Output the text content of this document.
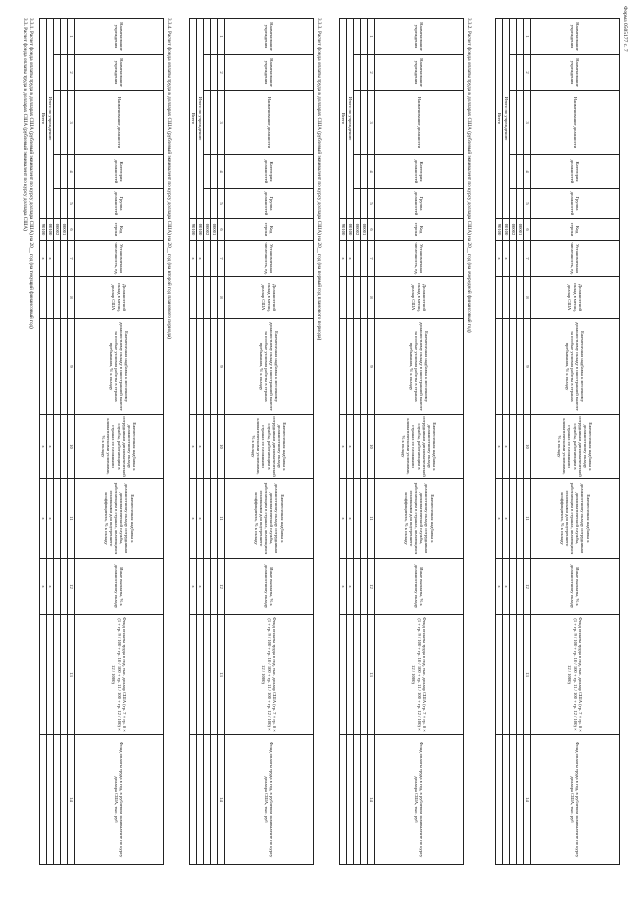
Форма 0505177 с. 7
3.3. Расчет фонда оплаты труда в долларах США (рублевый эквивалент по курсу доллара США) 3.3.1. Расчет фонда оплаты труда в долларах США (рублевый эквивалент по курсу доллара США) на 20__ год (на текущий финансовый год)	Наименование учреждения	Наименование учреждения	Наименование должности	Категория должностей	Группа должностей	Код строки	Установленная численность, ед.	Должностной оклад в месяц, доллар США	Ежемесячная надбавка к месячному должностному окладу в иностранной валюте за особые условия работы в странах пребывания, % к окладу	Ежемесячная надбавка к должностному окладу сотрудникам дипломатической службы, работающим в странах со сложными климатическими условиями, % к окладу	Ежемесячная надбавка к должностному окладу сотрудникам дипломатической службы, работающим в странах, являющихся основными для внутреннего коэффициента, % к окладу	Иные выплаты, % к должностному окладу	Фонд оплаты труда в год, тыс. доллар США (гр. 7 × гр. 8 × (1 + гр. 9 / 100 + гр. 10 / 100 + гр. 11 / 100 + гр. 12 / 100) × 12 / 1000)	Фонд оплаты труда в год, в рублевом эквиваленте по курсу доллара США, тыс. руб
1	2	3	4	5	6	7	8	9	10	11	12	13	14
					00001								
					00002								
Итого по учреждению					00100	x			x	x	x		
Всего					90100	x			x	x	x		
3.3.2. Расчет фонда оплаты труда в долларах США (рублевый эквивалент по курсу доллара США) на 20__ год (на очередной финансовый год)
Наименование учреждения	Наименование учреждения	Наименование должности	Категория должностей	Группа должностей	Код строки	Установленная численность, ед.	Должностной оклад в месяц, доллар США	Ежемесячная надбавка к месячному должностному окладу в иностранной валюте за особые условия работы в странах пребывания, % к окладу	Ежемесячная надбавка к должностному окладу сотрудникам дипломатической службы, работающим в странах со сложными климатическими условиями, % к окладу	Ежемесячная надбавка к должностному окладу сотрудникам дипломатической службы, работающим в странах, являющихся основными для внутреннего коэффициента, % к окладу	Иные выплаты, % к должностному окладу	Фонд оплаты труда в год, тыс. доллар США (гр. 7 × гр. 8 × (1 + гр. 9 / 100 + гр. 10 / 100 + гр. 11 / 100 + гр. 12 / 100) × 12 / 1000)	Фонд оплаты труда в год, в рублевом эквиваленте по курсу доллара США, тыс. руб
1	2	3	4	5	6	7	8	9	10	11	12	13	14
					00001								
					00002								
Итого по учреждению					00100	x			x	x	x		
Всего					90100	x			x	x	x		
3.3.3. Расчет фонда оплаты труда в долларах США (рублевый эквивалент по курсу доллара США) на 20__ год (на первый год планового периода)
Наименование учреждения	Наименование учреждения	Наименование должности	Категория должностей	Группа должностей	Код строки	Установленная численность, ед.	Должностной оклад в месяц, доллар США	Ежемесячная надбавка к месячному должностному окладу в иностранной валюте за особые условия работы в странах пребывания, % к окладу	Ежемесячная надбавка к должностному окладу сотрудникам дипломатической службы, работающим в странах со сложными климатическими условиями, % к окладу	Ежемесячная надбавка к должностному окладу сотрудникам дипломатической службы, работающим в странах, являющихся основными для внутреннего коэффициента, % к окладу	Иные выплаты, % к должностному окладу	Фонд оплаты труда в год, тыс. доллар США (гр. 7 × гр. 8 × (1 + гр. 9 / 100 + гр. 10 / 100 + гр. 11 / 100 + гр. 12 / 100) × 12 / 1000)	Фонд оплаты труда в год, в рублевом эквиваленте по курсу доллара США, тыс. руб
1	2	3	4	5	6	7	8	9	10	11	12	13	14
					00001								
					00002								
Итого по учреждению					00100	x			x	x	x		
Всего					90100	x			x	x	x		
3.3.4. Расчет фонда оплаты труда в долларах США (рублевый эквивалент по курсу доллара США) на 20__ год (на второй год планового периода)
Наименование учреждения	Наименование учреждения	Наименование должности	Категория должностей	Группа должностей	Код строки	Установленная численность, ед.	Должностной оклад в месяц, доллар США	Ежемесячная надбавка к месячному должностному окладу в иностранной валюте за особые условия работы в странах пребывания, % к окладу	Ежемесячная надбавка к должностному окладу сотрудникам дипломатической службы, работающим в странах со сложными климатическими условиями, % к окладу	Ежемесячная надбавка к должностному окладу сотрудникам дипломатической службы, работающим в странах, являющихся основными для внутреннего коэффициента, % к окладу	Иные выплаты, % к должностному окладу	Фонд оплаты труда в год, тыс. доллар США (гр. 7 × гр. 8 × (1 + гр. 9 / 100 + гр. 10 / 100 + гр. 11 / 100 + гр. 12 / 100) × 12 / 1000)	Фонд оплаты труда в год, в рублевом эквиваленте по курсу доллара США, тыс. руб
1	2	3	4	5	6	7	8	9	10	11	12	13	14
					00001								
					00002								
Итого по учреждению					00100	x			x	x	x		
Всего					90100	x			x	x	x		
